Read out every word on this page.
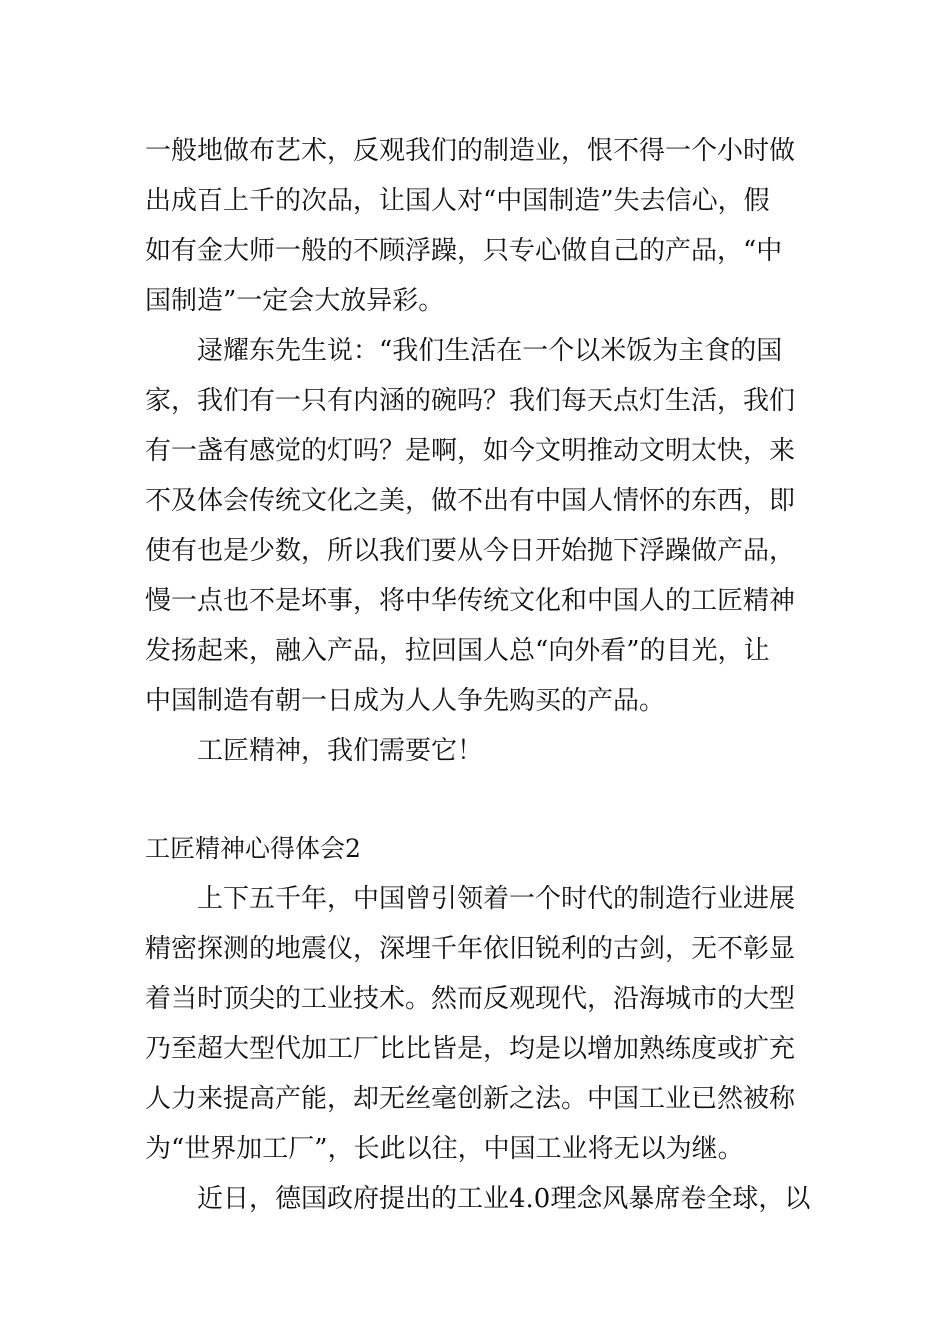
一般地做布艺术，反观我们的制造业，恨不得一个小时做
出成百上千的次品，让国人对“中国制造”失去信心，假
如有金大师一般的不顾浮躁，只专心做自己的产品，“中
国制造”一定会大放异彩。
逯耀东先生说：“我们生活在一个以米饭为主食的国
家，我们有一只有内涵的碗吗？我们每天点灯生活，我们
有一盏有感觉的灯吗？是啊，如今文明推动文明太快，来
不及体会传统文化之美，做不出有中国人情怀的东西，即
使有也是少数，所以我们要从今日开始抛下浮躁做产品，
慢一点也不是坏事，将中华传统文化和中国人的工匠精神
发扬起来，融入产品，拉回国人总“向外看”的目光，让
中国制造有朝一日成为人人争先购买的产品。
工匠精神，我们需要它！
工匠精神心得体会2
上下五千年，中国曾引领着一个时代的制造行业进展
精密探测的地震仪，深埋千年依旧锐利的古剑，无不彰显
着当时顶尖的工业技术。然而反观现代，沿海城市的大型
乃至超大型代加工厂比比皆是，均是以增加熟练度或扩充
人力来提高产能，却无丝毫创新之法。中国工业已然被称
为“世界加工厂”，长此以往，中国工业将无以为继。
近日，德国政府提出的工业4.0理念风暴席卷全球，以
